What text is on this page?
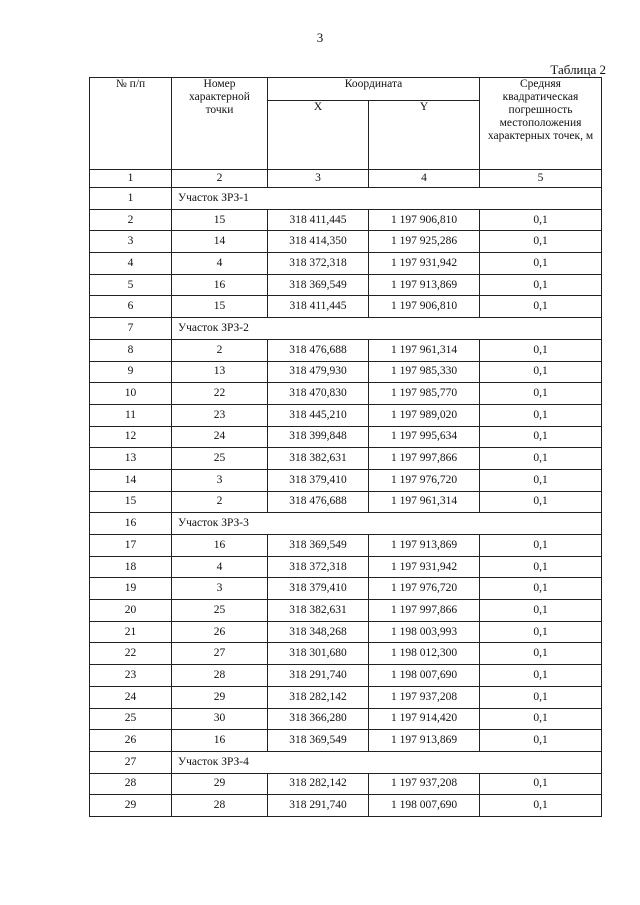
3
Таблица 2
№ п/п	Номер характерной точки	Координата		Средняя квадратическая погрешность местоположения характерных точек, м
		X	Y	
1	2	3	4	5
1	Участок ЗРЗ-1			
2	15	318 411,445	1 197 906,810	0,1
3	14	318 414,350	1 197 925,286	0,1
4	4	318 372,318	1 197 931,942	0,1
5	16	318 369,549	1 197 913,869	0,1
6	15	318 411,445	1 197 906,810	0,1
7	Участок ЗРЗ-2			
8	2	318 476,688	1 197 961,314	0,1
9	13	318 479,930	1 197 985,330	0,1
10	22	318 470,830	1 197 985,770	0,1
11	23	318 445,210	1 197 989,020	0,1
12	24	318 399,848	1 197 995,634	0,1
13	25	318 382,631	1 197 997,866	0,1
14	3	318 379,410	1 197 976,720	0,1
15	2	318 476,688	1 197 961,314	0,1
16	Участок ЗРЗ-3			
17	16	318 369,549	1 197 913,869	0,1
18	4	318 372,318	1 197 931,942	0,1
19	3	318 379,410	1 197 976,720	0,1
20	25	318 382,631	1 197 997,866	0,1
21	26	318 348,268	1 198 003,993	0,1
22	27	318 301,680	1 198 012,300	0,1
23	28	318 291,740	1 198 007,690	0,1
24	29	318 282,142	1 197 937,208	0,1
25	30	318 366,280	1 197 914,420	0,1
26	16	318 369,549	1 197 913,869	0,1
27	Участок ЗРЗ-4			
28	29	318 282,142	1 197 937,208	0,1
29	28	318 291,740	1 198 007,690	0,1
